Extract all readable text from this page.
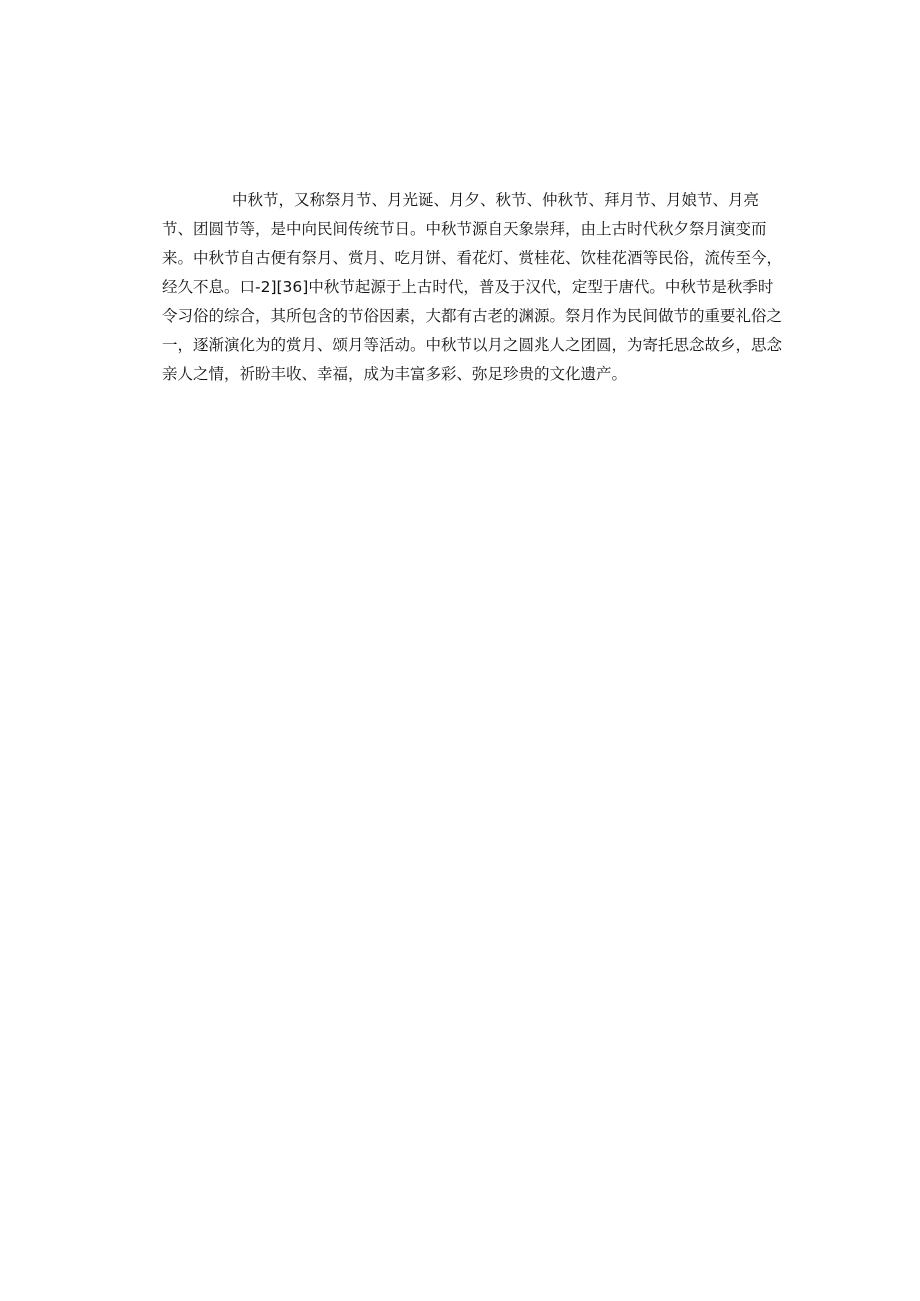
中秋节，又称祭月节、月光诞、月夕、秋节、仲秋节、拜月节、月娘节、月亮
节、团圆节等，是中向民间传统节日。中秋节源自天象崇拜，由上古时代秋夕祭月演变而
来。中秋节自古便有祭月、赏月、吃月饼、看花灯、赏桂花、饮桂花酒等民俗，流传至今，
经久不息。口-2][36]中秋节起源于上古时代，普及于汉代，定型于唐代。中秋节是秋季时
令习俗的综合，其所包含的节俗因素，大都有古老的渊源。祭月作为民间做节的重要礼俗之
一，逐渐演化为的赏月、颂月等活动。中秋节以月之圆兆人之团圆，为寄托思念故乡，思念
亲人之情，祈盼丰收、幸福，成为丰富多彩、弥足珍贵的文化遗产。
